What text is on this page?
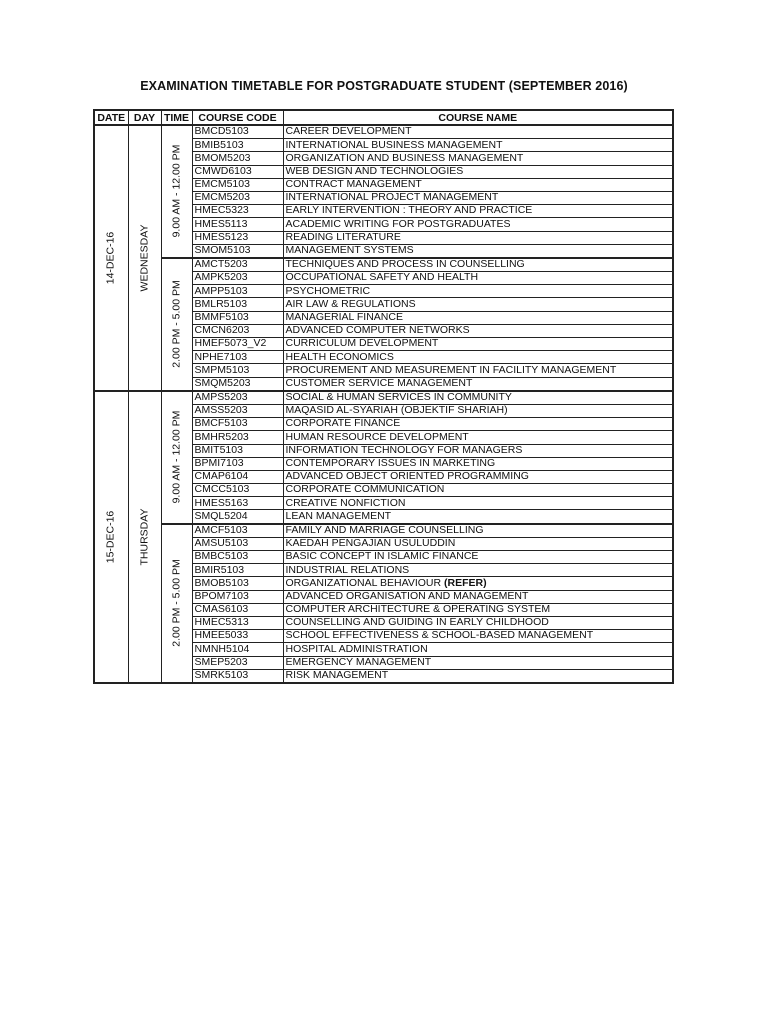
EXAMINATION TIMETABLE FOR POSTGRADUATE STUDENT (SEPTEMBER 2016)
DATE	DAY	TIME	COURSE CODE	COURSE NAME

14-DEC-16	WEDNESDAY	9.00 AM - 12.00 PM	BMCD5103	CAREER DEVELOPMENT
			BMIB5103	INTERNATIONAL BUSINESS MANAGEMENT
			BMOM5203	ORGANIZATION AND BUSINESS MANAGEMENT
			CMWD6103	WEB DESIGN AND TECHNOLOGIES
			EMCM5103	CONTRACT MANAGEMENT
			EMCM5203	INTERNATIONAL PROJECT MANAGEMENT
			HMEC5323	EARLY INTERVENTION : THEORY AND PRACTICE
			HMES5113	ACADEMIC WRITING FOR POSTGRADUATES
			HMES5123	READING LITERATURE
			SMOM5103	MANAGEMENT SYSTEMS

		2.00 PM - 5.00 PM	AMCT5203	TECHNIQUES AND PROCESS IN COUNSELLING
			AMPK5203	OCCUPATIONAL SAFETY AND HEALTH
			AMPP5103	PSYCHOMETRIC
			BMLR5103	AIR LAW & REGULATIONS
			BMMF5103	MANAGERIAL FINANCE
			CMCN6203	ADVANCED COMPUTER NETWORKS
			HMEF5073_V2	CURRICULUM DEVELOPMENT
			NPHE7103	HEALTH ECONOMICS
			SMPM5103	PROCUREMENT AND MEASUREMENT IN FACILITY MANAGEMENT
			SMQM5203	CUSTOMER SERVICE MANAGEMENT

15-DEC-16	THURSDAY	9.00 AM - 12.00 PM	AMPS5203	SOCIAL & HUMAN SERVICES IN COMMUNITY
			AMSS5203	MAQASID AL-SYARIAH (OBJEKTIF SHARIAH)
			BMCF5103	CORPORATE FINANCE
			BMHR5203	HUMAN RESOURCE DEVELOPMENT
			BMIT5103	INFORMATION TECHNOLOGY FOR MANAGERS
			BPMI7103	CONTEMPORARY ISSUES IN MARKETING
			CMAP6104	ADVANCED OBJECT ORIENTED PROGRAMMING
			CMCC5103	CORPORATE COMMUNICATION
			HMES5163	CREATIVE NONFICTION
			SMQL5204	LEAN MANAGEMENT

		2.00 PM - 5.00 PM	AMCF5103	FAMILY AND MARRIAGE COUNSELLING
			AMSU5103	KAEDAH PENGAJIAN USULUDDIN
			BMBC5103	BASIC CONCEPT IN ISLAMIC FINANCE
			BMIR5103	INDUSTRIAL RELATIONS
			BMOB5103	ORGANIZATIONAL BEHAVIOUR (REFER)
			BPOM7103	ADVANCED ORGANISATION AND MANAGEMENT
			CMAS6103	COMPUTER ARCHITECTURE & OPERATING SYSTEM
			HMEC5313	COUNSELLING AND GUIDING IN EARLY CHILDHOOD
			HMEE5033	SCHOOL EFFECTIVENESS & SCHOOL-BASED MANAGEMENT
			NMNH5104	HOSPITAL ADMINISTRATION
			SMEP5203	EMERGENCY MANAGEMENT
			SMRK5103	RISK MANAGEMENT
